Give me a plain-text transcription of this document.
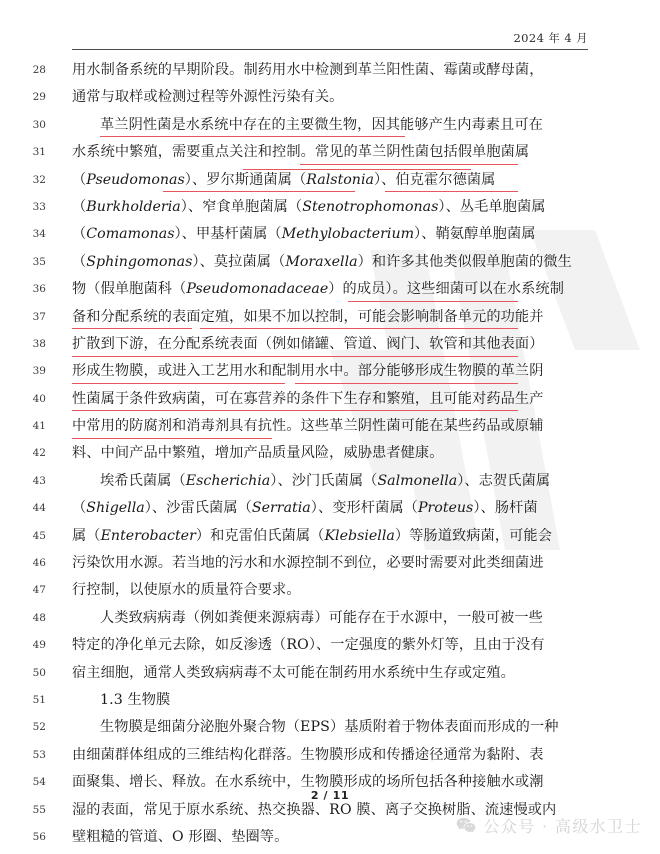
2024 年 4 月
28 用水制备系统的早期阶段。制药用水中检测到革兰阳性菌、霉菌或酵母菌，
29 通常与取样或检测过程等外源性污染有关。
30	革兰阴性菌是水系统中存在的主要微生物，因其能够产生内毒素且可在
31 水系统中繁殖，需要重点关注和控制。常见的革兰阴性菌包括假单胞菌属
32 （Pseudomonas）、罗尔斯通菌属（Ralstonia）、伯克霍尔德菌属
33 （Burkholderia）、窄食单胞菌属（Stenotrophomonas）、丛毛单胞菌属
34 （Comamonas）、甲基杆菌属（Methylobacterium）、鞘氨醇单胞菌属
35 （Sphingomonas）、莫拉菌属（Moraxella）和许多其他类似假单胞菌的微生
36 物（假单胞菌科（Pseudomonadaceae）的成员）。这些细菌可以在水系统制
37 备和分配系统的表面定殖，如果不加以控制，可能会影响制备单元的功能并
38 扩散到下游，在分配系统表面（例如储罐、管道、阀门、软管和其他表面）
39 形成生物膜，或进入工艺用水和配制用水中。部分能够形成生物膜的革兰阴
40 性菌属于条件致病菌，可在寡营养的条件下生存和繁殖，且可能对药品生产
41 中常用的防腐剂和消毒剂具有抗性。这些革兰阴性菌可能在某些药品或原辅
42 料、中间产品中繁殖，增加产品质量风险，威胁患者健康。
43	埃希氏菌属（Escherichia）、沙门氏菌属（Salmonella）、志贺氏菌属
44 （Shigella）、沙雷氏菌属（Serratia）、变形杆菌属（Proteus）、肠杆菌
45 属（Enterobacter）和克雷伯氏菌属（Klebsiella）等肠道致病菌，可能会
46 污染饮用水源。若当地的污水和水源控制不到位，必要时需要对此类细菌进
47 行控制，以使原水的质量符合要求。
48	人类致病病毒（例如粪便来源病毒）可能存在于水源中，一般可被一些
49 特定的净化单元去除，如反渗透（RO）、一定强度的紫外灯等，且由于没有
50 宿主细胞，通常人类致病病毒不太可能在制药用水系统中生存或定殖。
51	1.3 生物膜
52	生物膜是细菌分泌胞外聚合物（EPS）基质附着于物体表面而形成的一种
53 由细菌群体组成的三维结构化群落。生物膜形成和传播途径通常为黏附、表
54 面聚集、增长、释放。在水系统中，生物膜形成的场所包括各种接触水或潮
55 湿的表面，常见于原水系统、热交换器、RO 膜、离子交换树脂、流速慢或内
56 壁粗糙的管道、O 形圈、垫圈等。
2 / 11
公众号 · 高级水卫士
